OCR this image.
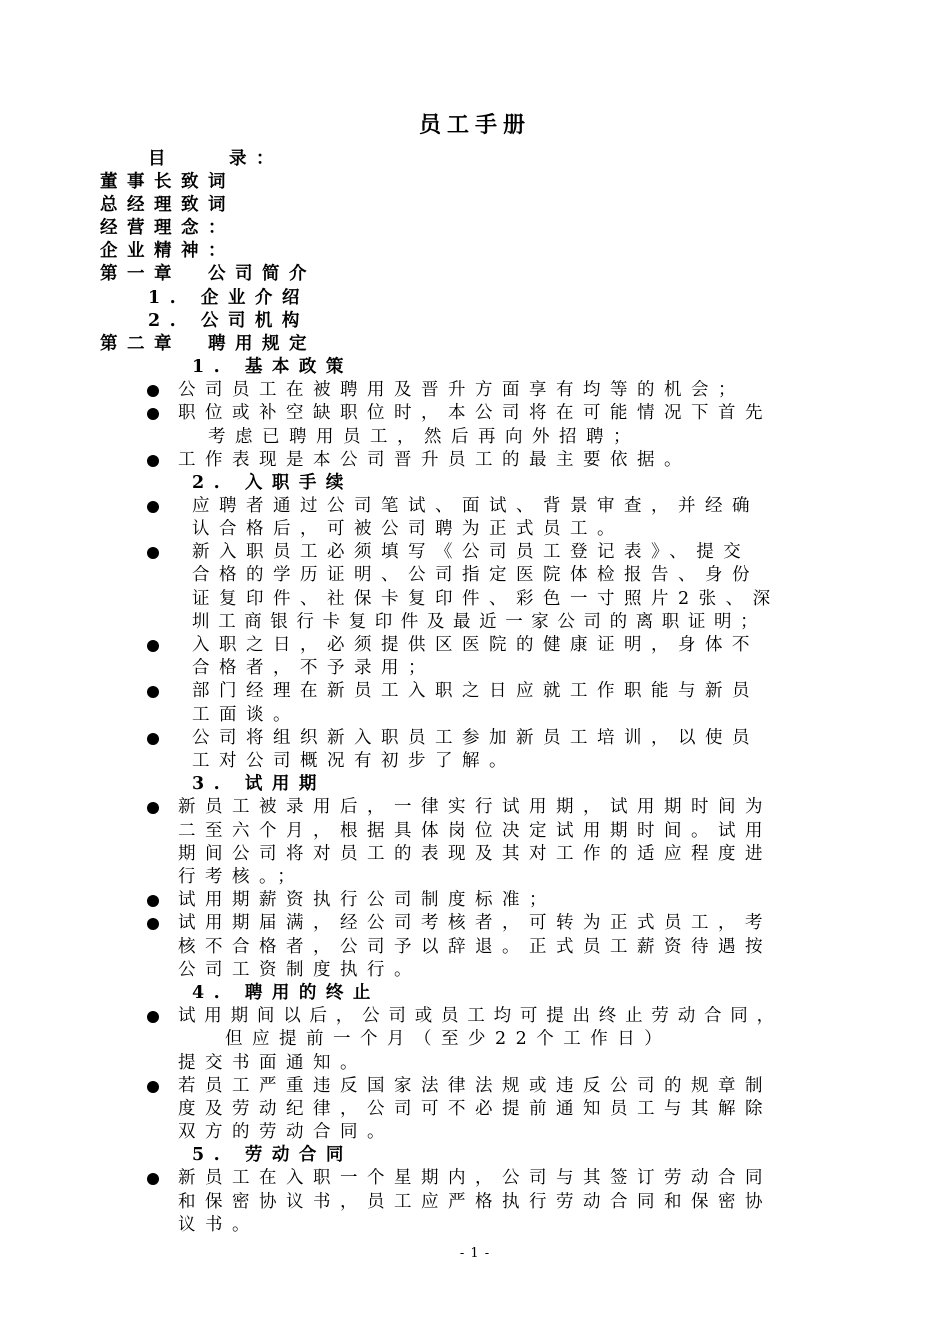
员工手册
目　　录：
董事长致词
总经理致词
经营理念：
企业精神：
第一章　公司简介
1. 企业介绍
2. 公司机构
第二章　聘用规定
1. 基本政策
公司员工在被聘用及晋升方面享有均等的机会；
职位或补空缺职位时，本公司将在可能情况下首先
考虑已聘用员工，然后再向外招聘；
工作表现是本公司晋升员工的最主要依据。
2. 入职手续
应聘者通过公司笔试、面试、背景审查，并经确
认合格后，可被公司聘为正式员工。
新入职员工必须填写《公司员工登记表》、提交
合格的学历证明、公司指定医院体检报告、身份
证复印件、社保卡复印件、彩色一寸照片2张、深
圳工商银行卡复印件及最近一家公司的离职证明；
入职之日，必须提供区医院的健康证明，身体不
合格者，不予录用；
部门经理在新员工入职之日应就工作职能与新员
工面谈。
公司将组织新入职员工参加新员工培训，以使员
工对公司概况有初步了解。
3. 试用期
新员工被录用后，一律实行试用期，试用期时间为
二至六个月，根据具体岗位决定试用期时间。试用
期间公司将对员工的表现及其对工作的适应程度进
行考核。；
试用期薪资执行公司制度标准；
试用期届满，经公司考核者，可转为正式员工，考
核不合格者，公司予以辞退。正式员工薪资待遇按
公司工资制度执行。
4. 聘用的终止
试用期间以后，公司或员工均可提出终止劳动合同，
但应提前一个月（至少22个工作日）
提交书面通知。
若员工严重违反国家法律法规或违反公司的规章制
度及劳动纪律，公司可不必提前通知员工与其解除
双方的劳动合同。
5. 劳动合同
新员工在入职一个星期内，公司与其签订劳动合同
和保密协议书，员工应严格执行劳动合同和保密协
议书。
- 1 -
